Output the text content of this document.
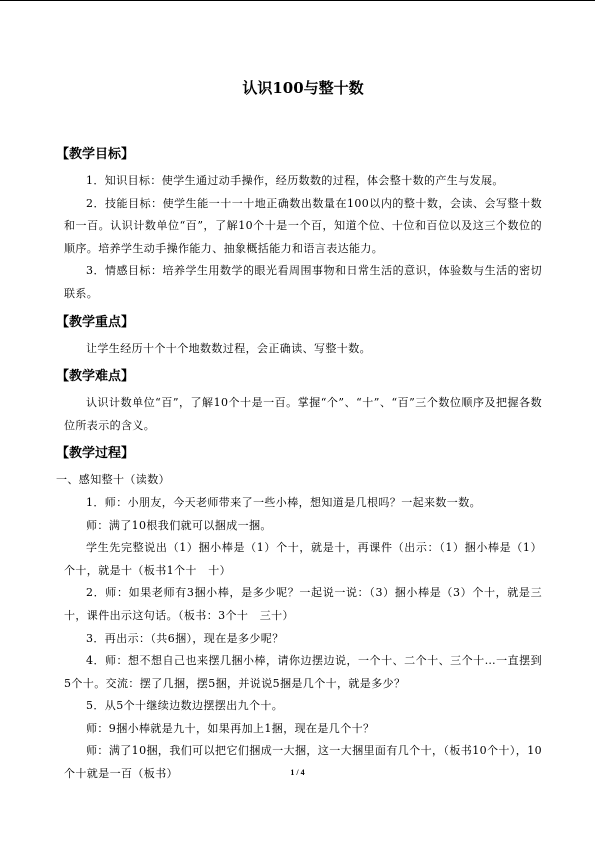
认识100与整十数
【教学目标】

1．知识目标：使学生通过动手操作，经历数数的过程，体会整十数的产生与发展。

2．技能目标：使学生能一十一十地正确数出数量在100以内的整十数，会读、会写整十数和一百。认识计数单位“百”，了解10个十是一个百，知道个位、十位和百位以及这三个数位的顺序。培养学生动手操作能力、抽象概括能力和语言表达能力。

3．情感目标：培养学生用数学的眼光看周围事物和日常生活的意识，体验数与生活的密切联系。

【教学重点】

让学生经历十个十个地数数过程，会正确读、写整十数。

【教学难点】

认识计数单位“百”，了解10个十是一百。掌握“个”、“十”、“百”三个数位顺序及把握各数位所表示的含义。

【教学过程】
一、感知整十（读数）

1．师：小朋友，今天老师带来了一些小棒，想知道是几根吗？一起来数一数。

师：满了10根我们就可以捆成一捆。

学生先完整说出（1）捆小棒是（1）个十，就是十，再课件（出示：（1）捆小棒是（1）个十，就是十（板书1个十　十）

2．师：如果老师有3捆小棒，是多少呢？一起说一说：（3）捆小棒是（3）个十，就是三十，课件出示这句话。（板书：3个十　三十）

3．再出示：（共6捆），现在是多少呢？

4．师：想不想自己也来摆几捆小棒，请你边摆边说，一个十、二个十、三个十…一直摆到5个十。交流：摆了几捆，摆5捆，并说说5捆是几个十，就是多少？

5．从5个十继续边数边摆摆出九个十。

师：9捆小棒就是九十，如果再加上1捆，现在是几个十？

师：满了10捆，我们可以把它们捆成一大捆，这一大捆里面有几个十，（板书10个十），10个十就是一百（板书）	1 / 4
